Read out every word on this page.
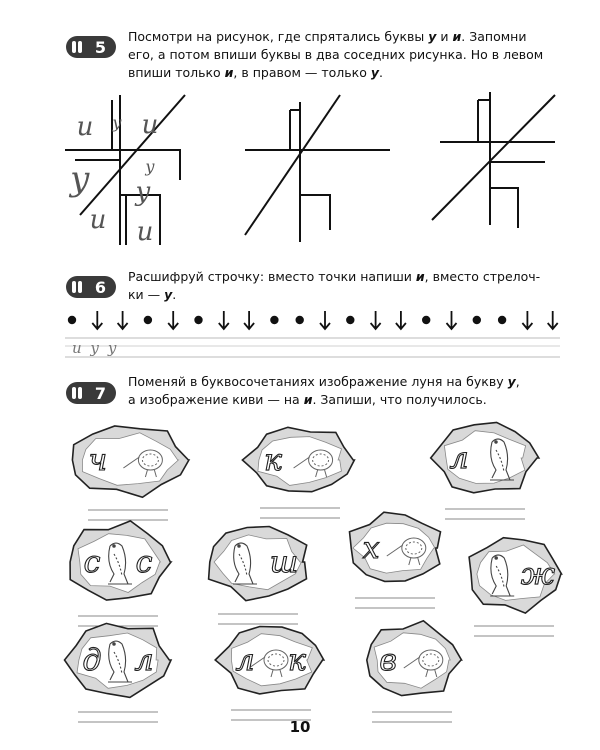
5
Посмотри на рисунок, где спрятались буквы у и и. Запомни
его, а потом впиши буквы в два соседних рисунка. Но в левом
впиши только и, в правом — только у.
6
Расшифруй строчку: вместо точки напиши и, вместо стрелоч-
ки — у.
7
Поменяй в буквосочетаниях изображение луня на букву у,
а изображение киви — на и. Запиши, что получилось.
и у и
у	у
у
и и
и у у
ч	к	л
с с	ш х
ж
д л	л к в
10
